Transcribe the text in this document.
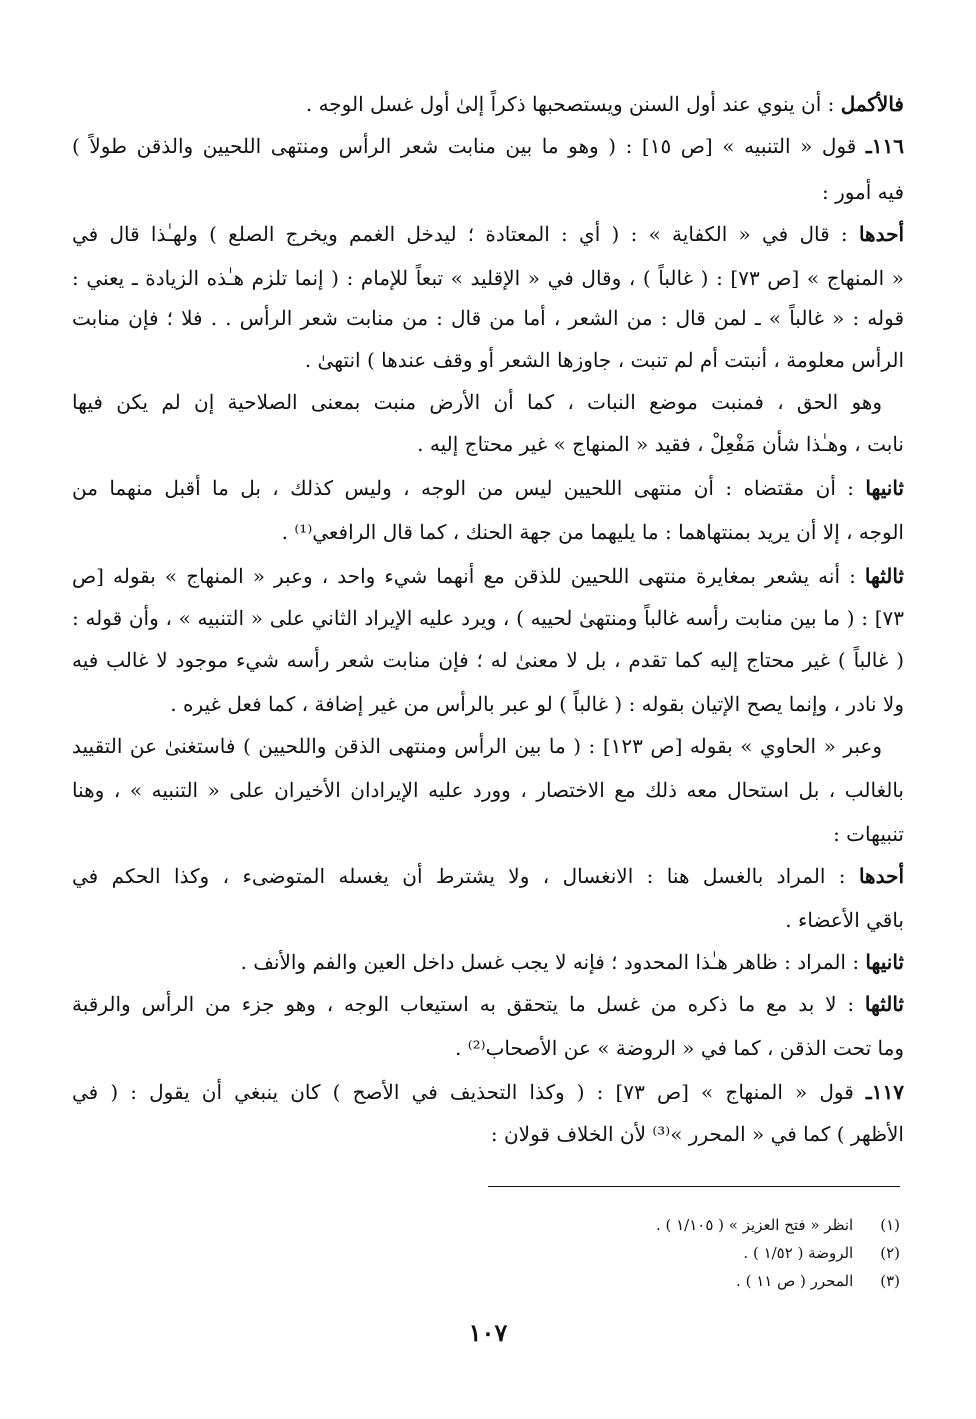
فالأكمل : أن ينوي عند أول السنن ويستصحبها ذكراً إلىٰ أول غسل الوجه .
١١٦ـ قول « التنبيه » [ص ١٥] : ( وهو ما بين منابت شعر الرأس ومنتهى اللحيين والذقن طولاً )
فيه أمور :
أحدها : قال في « الكفاية » : ( أي : المعتادة ؛ ليدخل الغمم ويخرج الصلع ) ولهـٰذا قال في
« المنهاج » [ص ٧٣] : ( غالباً ) ، وقال في « الإقليد » تبعاً للإمام : ( إنما تلزم هـٰذه الزيادة ـ يعني :
قوله : « غالباً » ـ لمن قال : من الشعر ، أما من قال : من منابت شعر الرأس . . فلا ؛ فإن منابت
الرأس معلومة ، أنبتت أم لم تنبت ، جاوزها الشعر أو وقف عندها ) انتهىٰ .
وهو الحق ، فمنبت موضع النبات ، كما أن الأرض منبت بمعنى الصلاحية إن لم يكن فيها
نابت ، وهـٰذا شأن مَفْعِلْ ، فقيد « المنهاج » غير محتاج إليه .
ثانيها : أن مقتضاه : أن منتهى اللحيين ليس من الوجه ، وليس كذلك ، بل ما أقبل منهما من
الوجه ، إلا أن يريد بمنتهاهما : ما يليهما من جهة الحنك ، كما قال الرافعي⁽¹⁾ .
ثالثها : أنه يشعر بمغايرة منتهى اللحيين للذقن مع أنهما شيء واحد ، وعبر « المنهاج » بقوله [ص
٧٣] : ( ما بين منابت رأسه غالباً ومنتهىٰ لحييه ) ، ويرد عليه الإيراد الثاني على « التنبيه » ، وأن قوله :
( غالباً ) غير محتاج إليه كما تقدم ، بل لا معنىٰ له ؛ فإن منابت شعر رأسه شيء موجود لا غالب فيه
ولا نادر ، وإنما يصح الإتيان بقوله : ( غالباً ) لو عبر بالرأس من غير إضافة ، كما فعل غيره .
وعبر « الحاوي » بقوله [ص ١٢٣] : ( ما بين الرأس ومنتهى الذقن واللحيين ) فاستغنىٰ عن التقييد
بالغالب ، بل استحال معه ذلك مع الاختصار ، وورد عليه الإيرادان الأخيران على « التنبيه » ، وهنا
تنبيهات :
أحدها : المراد بالغسل هنا : الانغسال ، ولا يشترط أن يغسله المتوضىء ، وكذا الحكم في
باقي الأعضاء .
ثانيها : المراد : ظاهر هـٰذا المحدود ؛ فإنه لا يجب غسل داخل العين والفم والأنف .
ثالثها : لا بد مع ما ذكره من غسل ما يتحقق به استيعاب الوجه ، وهو جزء من الرأس والرقبة
وما تحت الذقن ، كما في « الروضة » عن الأصحاب⁽²⁾ .
١١٧ـ قول « المنهاج » [ص ٧٣] : ( وكذا التحذيف في الأصح ) كان ينبغي أن يقول : ( في
الأظهر ) كما في « المحرر »⁽³⁾ لأن الخلاف قولان :
(١) انظر « فتح العزيز » ( ١/١٠٥ ) .
(٢) الروضة ( ١/٥٢ ) .
(٣) المحرر ( ص ١١ ) .
١٠٧
